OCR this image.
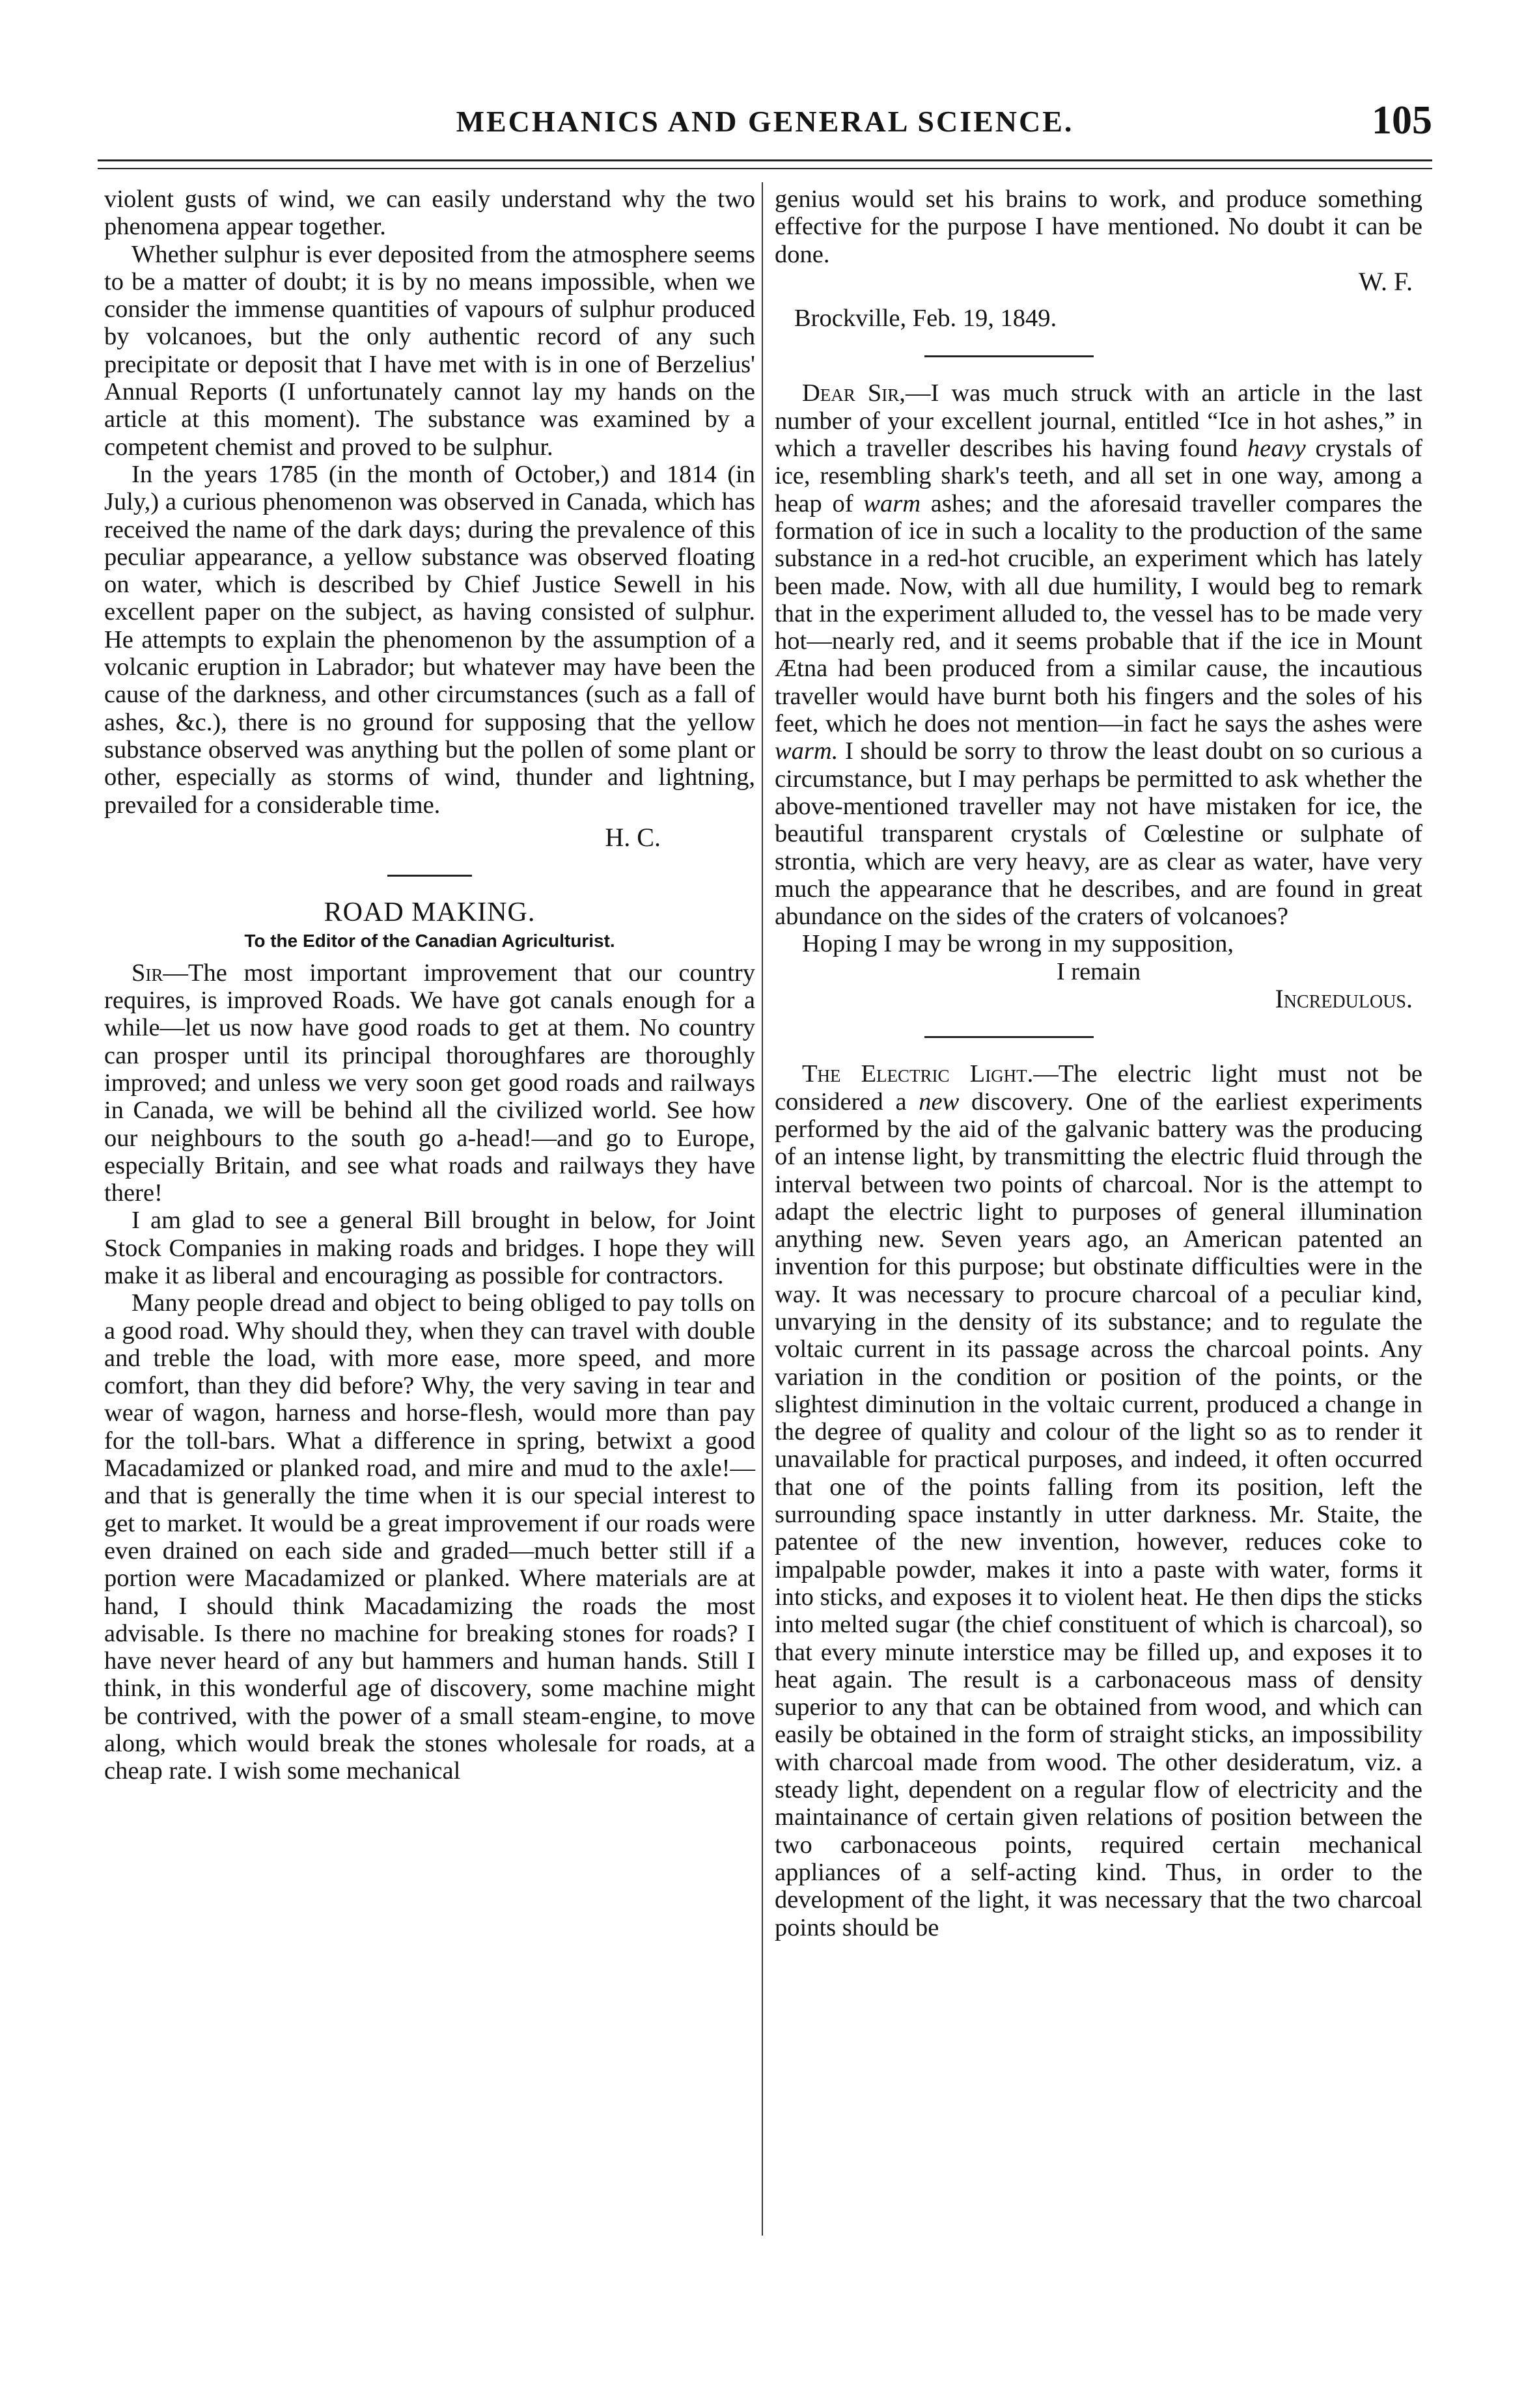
MECHANICS AND GENERAL SCIENCE.	105

violent gusts of wind, we can easily understand why the two phenomena appear together.

Whether sulphur is ever deposited from the atmosphere seems to be a matter of doubt; it is by no means impossible, when we consider the immense quantities of vapours of sulphur produced by volcanoes, but the only authentic record of any such precipitate or deposit that I have met with is in one of Berzelius' Annual Reports (I unfortunately cannot lay my hands on the article at this moment). The substance was examined by a competent chemist and proved to be sulphur.

In the years 1785 (in the month of October,) and 1814 (in July,) a curious phenomenon was observed in Canada, which has received the name of the dark days; during the prevalence of this peculiar appearance, a yellow substance was observed floating on water, which is described by Chief Justice Sewell in his excellent paper on the subject, as having consisted of sulphur. He attempts to explain the phenomenon by the assumption of a volcanic eruption in Labrador; but whatever may have been the cause of the darkness, and other circumstances (such as a fall of ashes, &c.), there is no ground for supposing that the yellow substance observed was anything but the pollen of some plant or other, especially as storms of wind, thunder and lightning, prevailed for a considerable time.

H. C.

ROAD MAKING.
To the Editor of the Canadian Agriculturist.

Sir—The most important improvement that our country requires, is improved Roads. We have got canals enough for a while—let us now have good roads to get at them. No country can prosper until its principal thoroughfares are thoroughly improved; and unless we very soon get good roads and railways in Canada, we will be behind all the civilized world. See how our neighbours to the south go a-head!—and go to Europe, especially Britain, and see what roads and railways they have there!

I am glad to see a general Bill brought in below, for Joint Stock Companies in making roads and bridges. I hope they will make it as liberal and encouraging as possible for contractors.

Many people dread and object to being obliged to pay tolls on a good road. Why should they, when they can travel with double and treble the load, with more ease, more speed, and more comfort, than they did before? Why, the very saving in tear and wear of wagon, harness and horse-flesh, would more than pay for the toll-bars. What a difference in spring, betwixt a good Macadamized or planked road, and mire and mud to the axle!—and that is generally the time when it is our special interest to get to market. It would be a great improvement if our roads were even drained on each side and graded—much better still if a portion were Macadamized or planked. Where materials are at hand, I should think Macadamizing the roads the most advisable. Is there no machine for breaking stones for roads? I have never heard of any but hammers and human hands. Still I think, in this wonderful age of discovery, some machine might be contrived, with the power of a small steam-engine, to move along, which would break the stones wholesale for roads, at a cheap rate. I wish some mechanical

genius would set his brains to work, and produce something effective for the purpose I have mentioned. No doubt it can be done.

W. F.

Brockville, Feb. 19, 1849.

Dear Sir,—I was much struck with an article in the last number of your excellent journal, entitled “Ice in hot ashes,” in which a traveller describes his having found heavy crystals of ice, resembling shark's teeth, and all set in one way, among a heap of warm ashes; and the aforesaid traveller compares the formation of ice in such a locality to the production of the same substance in a red-hot crucible, an experiment which has lately been made. Now, with all due humility, I would beg to remark that in the experiment alluded to, the vessel has to be made very hot—nearly red, and it seems probable that if the ice in Mount Ætna had been produced from a similar cause, the incautious traveller would have burnt both his fingers and the soles of his feet, which he does not mention—in fact he says the ashes were warm. I should be sorry to throw the least doubt on so curious a circumstance, but I may perhaps be permitted to ask whether the above-mentioned traveller may not have mistaken for ice, the beautiful transparent crystals of Cœlestine or sulphate of strontia, which are very heavy, are as clear as water, have very much the appearance that he describes, and are found in great abundance on the sides of the craters of volcanoes?

Hoping I may be wrong in my supposition,

I remain

Incredulous.

The Electric Light.—The electric light must not be considered a new discovery. One of the earliest experiments performed by the aid of the galvanic battery was the producing of an intense light, by transmitting the electric fluid through the interval between two points of charcoal. Nor is the attempt to adapt the electric light to purposes of general illumination anything new. Seven years ago, an American patented an invention for this purpose; but obstinate difficulties were in the way. It was necessary to procure charcoal of a peculiar kind, unvarying in the density of its substance; and to regulate the voltaic current in its passage across the charcoal points. Any variation in the condition or position of the points, or the slightest diminution in the voltaic current, produced a change in the degree of quality and colour of the light so as to render it unavailable for practical purposes, and indeed, it often occurred that one of the points falling from its position, left the surrounding space instantly in utter darkness. Mr. Staite, the patentee of the new invention, however, reduces coke to impalpable powder, makes it into a paste with water, forms it into sticks, and exposes it to violent heat. He then dips the sticks into melted sugar (the chief constituent of which is charcoal), so that every minute interstice may be filled up, and exposes it to heat again. The result is a carbonaceous mass of density superior to any that can be obtained from wood, and which can easily be obtained in the form of straight sticks, an impossibility with charcoal made from wood. The other desideratum, viz. a steady light, dependent on a regular flow of electricity and the maintainance of certain given relations of position between the two carbonaceous points, required certain mechanical appliances of a self-acting kind. Thus, in order to the development of the light, it was necessary that the two charcoal points should be
